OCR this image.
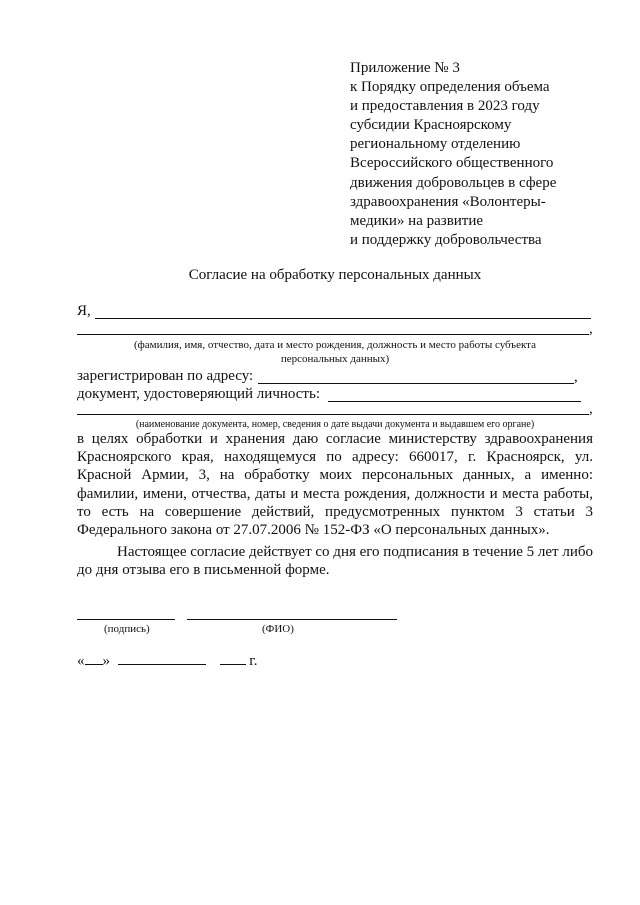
Приложение № 3
к Порядку определения объема
и предоставления в 2023 году
субсидии Красноярскому
региональному отделению
Всероссийского общественного
движения добровольцев в сфере
здравоохранения «Волонтеры-
медики» на развитие
и поддержку добровольчества
Согласие на обработку персональных данных
Я,
,
(фамилия, имя, отчество, дата и место рождения, должность и место работы субъекта
персональных данных)
зарегистрирован по адресу:	,
документ, удостоверяющий личность:
,
(наименование документа, номер, сведения о дате выдачи документа и выдавшем его органе)

в целях обработки и хранения даю согласие министерству здравоохранения Красноярского края, находящемуся по адресу: 660017, г. Красноярск, ул. Красной Армии, 3, на обработку моих персональных данных, а именно: фамилии, имени, отчества, даты и места рождения, должности и места работы, то есть на совершение действий, предусмотренных пунктом 3 статьи 3 Федерального закона от 27.07.2006 № 152-ФЗ «О персональных данных».

Настоящее согласие действует со дня его подписания в течение 5 лет либо до дня отзыва его в письменной форме.

(подпись)	(ФИО)
« »	г.
